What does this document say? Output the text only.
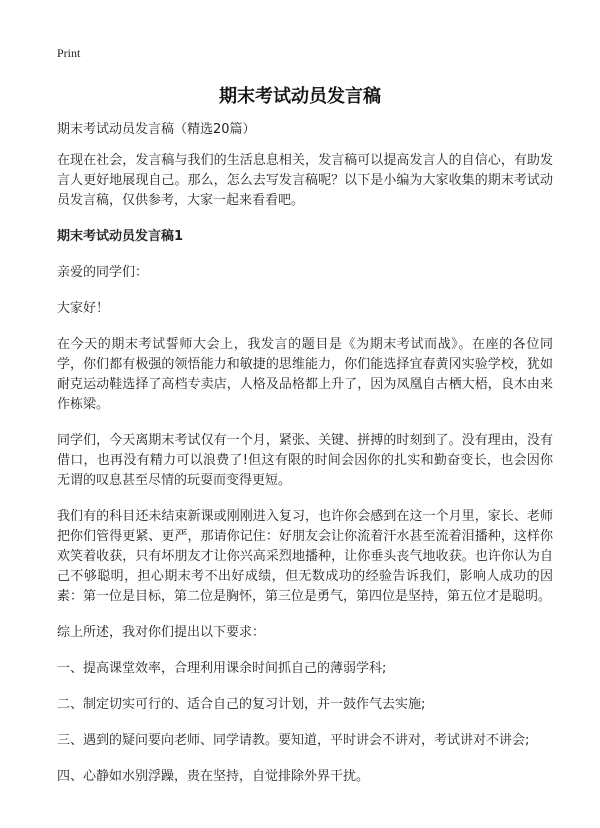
Print
期末考试动员发言稿

期末考试动员发言稿（精选20篇）

在现在社会，发言稿与我们的生活息息相关，发言稿可以提高发言人的自信心，有助发言人更好地展现自己。那么，怎么去写发言稿呢？以下是小编为大家收集的期末考试动员发言稿，仅供参考，大家一起来看看吧。

期末考试动员发言稿1

亲爱的同学们：

大家好！

在今天的期末考试誓师大会上，我发言的题目是《为期末考试而战》。在座的各位同学，你们都有极强的领悟能力和敏捷的思维能力，你们能选择宜春黄冈实验学校，犹如耐克运动鞋选择了高档专卖店，人格及品格都上升了，因为凤凰自古栖大梧，良木由来作栋梁。

同学们，今天离期末考试仅有一个月，紧张、关键、拼搏的时刻到了。没有理由，没有借口，也再没有精力可以浪费了!但这有限的时间会因你的扎实和勤奋变长，也会因你无谓的叹息甚至尽情的玩耍而变得更短。

我们有的科目还未结束新课或刚刚进入复习，也许你会感到在这一个月里，家长、老师把你们管得更紧、更严，那请你记住：好朋友会让你流着汗水甚至流着泪播种，这样你欢笑着收获，只有坏朋友才让你兴高采烈地播种，让你垂头丧气地收获。也许你认为自己不够聪明，担心期末考不出好成绩，但无数成功的经验告诉我们，影响人成功的因素：第一位是目标，第二位是胸怀，第三位是勇气，第四位是坚持，第五位才是聪明。

综上所述，我对你们提出以下要求：

一、提高课堂效率，合理利用课余时间抓自己的薄弱学科;

二、制定切实可行的、适合自己的复习计划，并一鼓作气去实施;

三、遇到的疑问要向老师、同学请教。要知道，平时讲会不讲对，考试讲对不讲会;

四、心静如水别浮躁，贵在坚持，自觉排除外界干扰。
